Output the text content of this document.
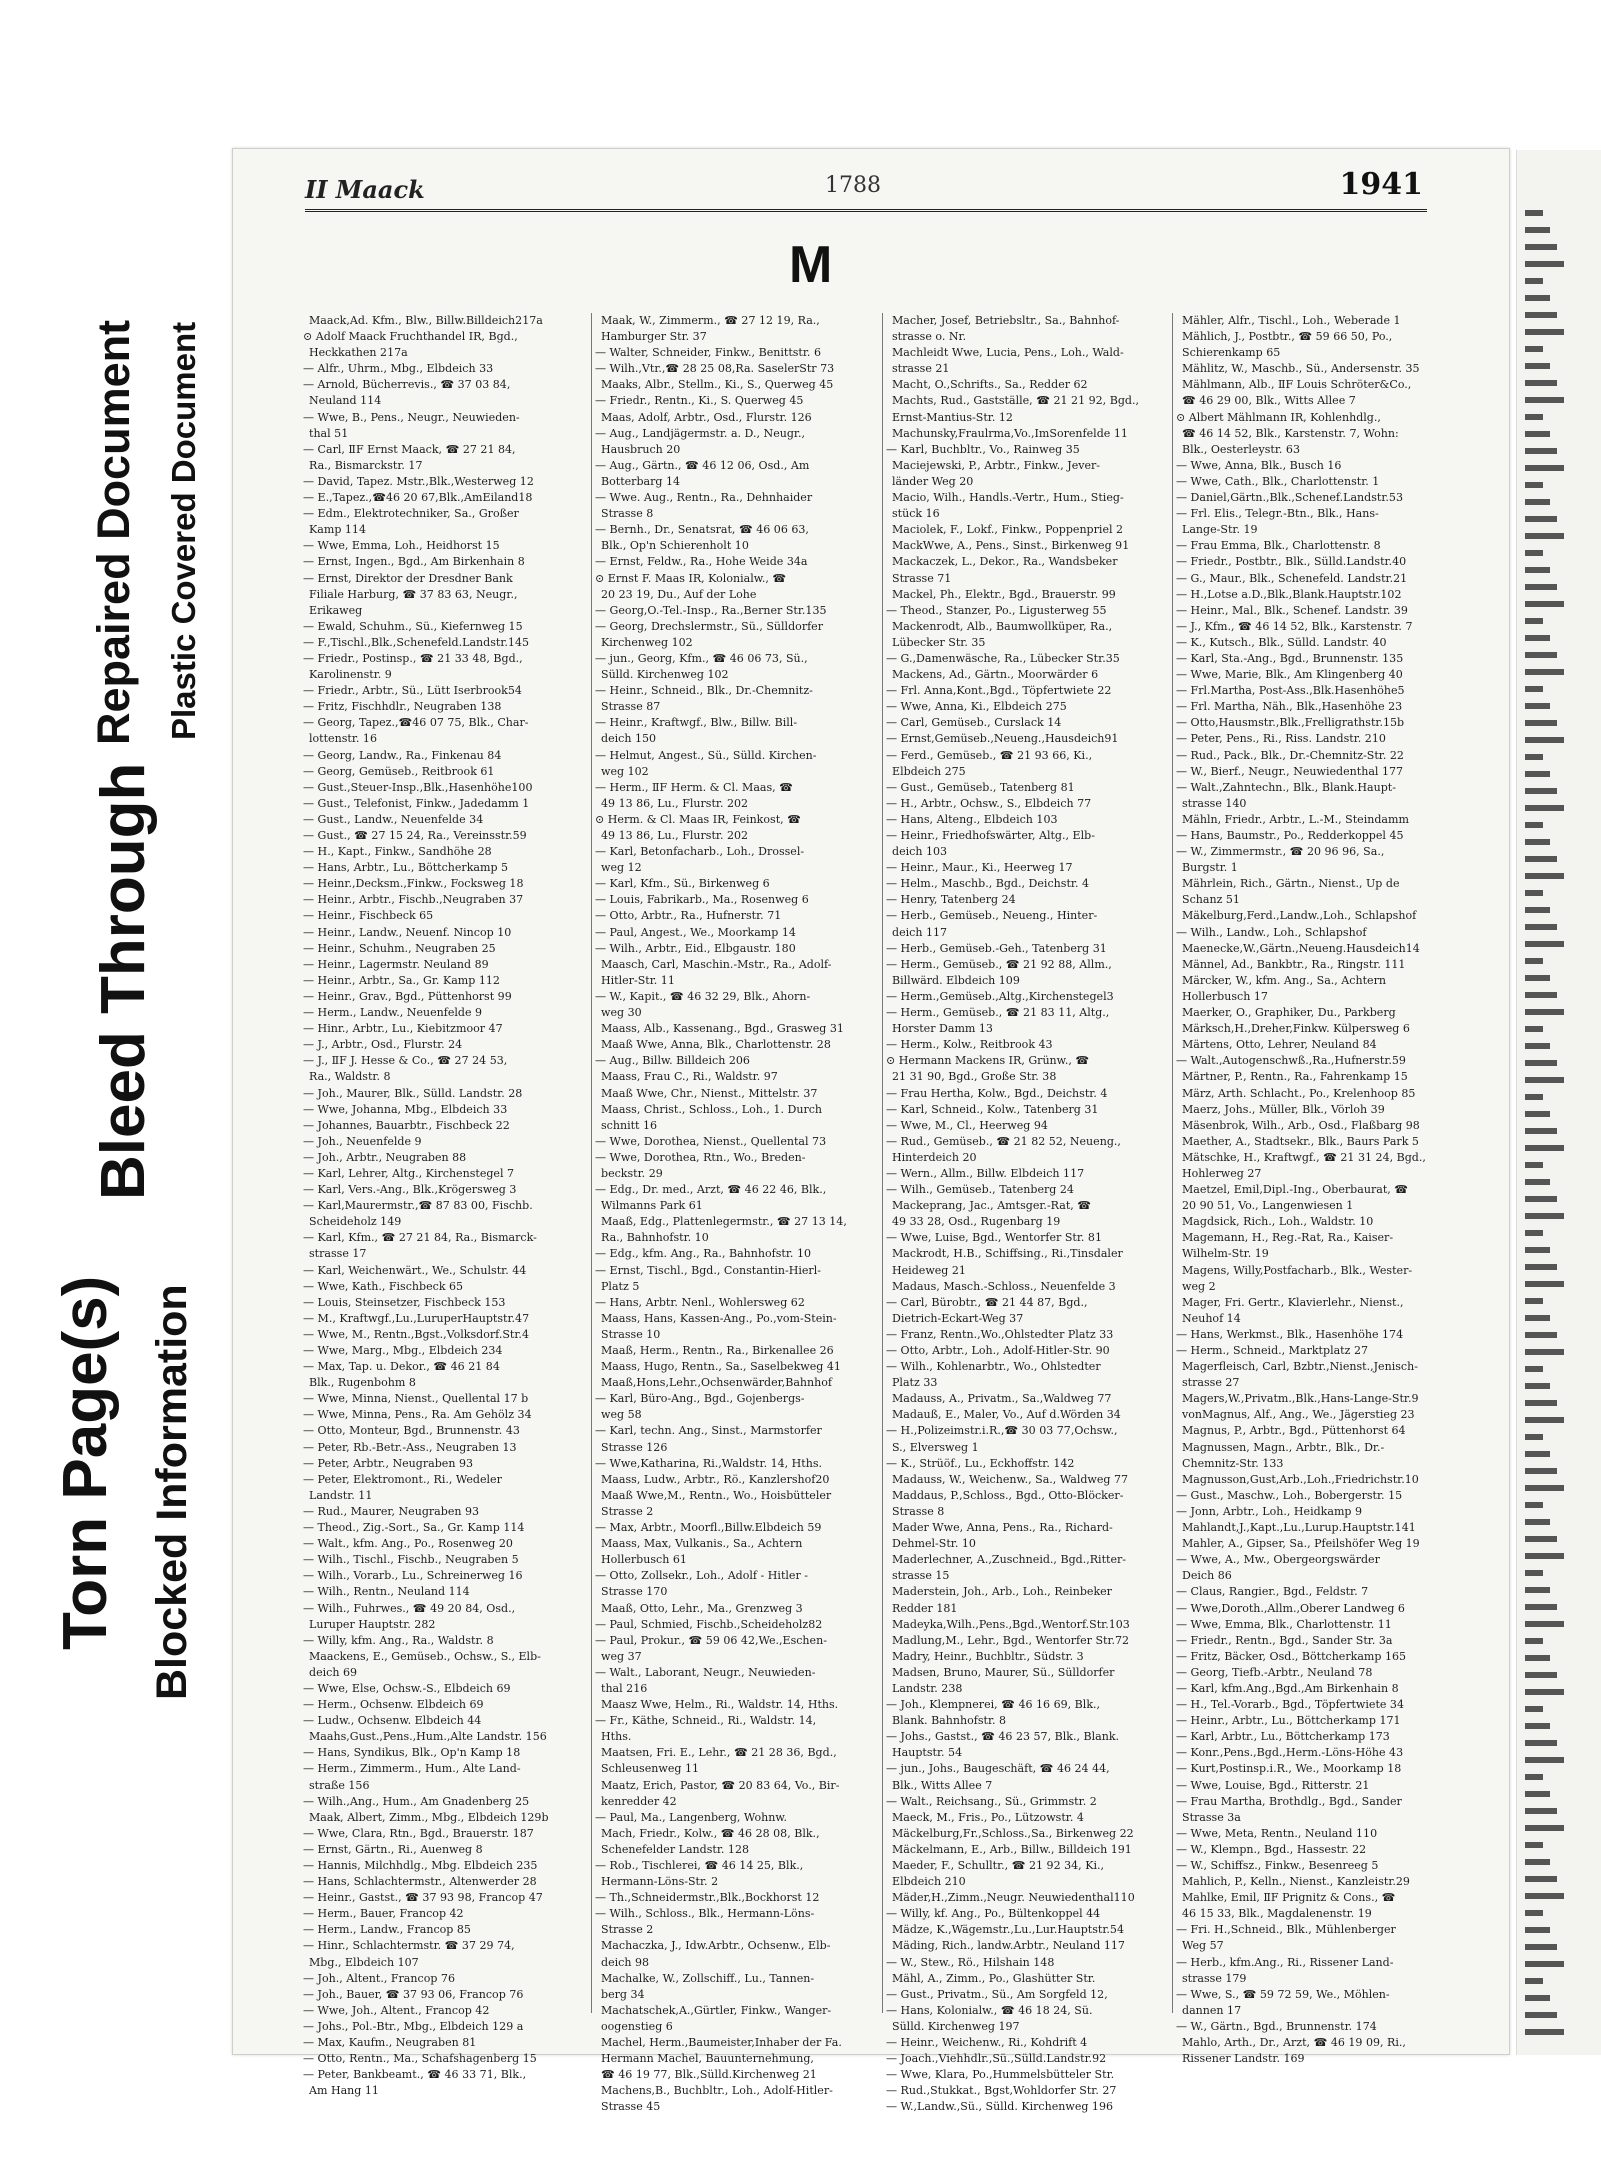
Bleed Through
Repaired Document
Torn Page(s) Blocked Information
Plastic Covered Document
II Maack	1788	1941
M
Maack,Ad. Kfm., Blw., Billw.Billdeich217a
⊙ Adolf Maack Fruchthandel IR, Bgd.,
Heckkathen 217a
— Alfr., Uhrm., Mbg., Elbdeich 33
— Arnold, Bücherrevis., ☎ 37 03 84,
Neuland 114
— Wwe, B., Pens., Neugr., Neuwieden-
thal 51
— Carl, ⅡF Ernst Maack, ☎ 27 21 84,
Ra., Bismarckstr. 17
— David, Tapez. Mstr.,Blk.,Westerweg 12
— E.,Tapez.,☎46 20 67,Blk.,AmEiland18
— Edm., Elektrotechniker, Sa., Großer
Kamp 114
— Wwe, Emma, Loh., Heidhorst 15
— Ernst, Ingen., Bgd., Am Birkenhain 8
— Ernst, Direktor der Dresdner Bank
Filiale Harburg, ☎ 37 83 63, Neugr.,
Erikaweg
— Ewald, Schuhm., Sü., Kiefernweg 15
— F.,Tischl.,Blk.,Schenefeld.Landstr.145
— Friedr., Postinsp., ☎ 21 33 48, Bgd.,
Karolinenstr. 9
— Friedr., Arbtr., Sü., Lütt Iserbrook54
— Fritz, Fischhdlr., Neugraben 138
— Georg, Tapez.,☎46 07 75, Blk., Char-
lottenstr. 16
— Georg, Landw., Ra., Finkenau 84
— Georg, Gemüseb., Reitbrook 61
— Gust.,Steuer-Insp.,Blk.,Hasenhöhe100
— Gust., Telefonist, Finkw., Jadedamm 1
— Gust., Landw., Neuenfelde 34
— Gust., ☎ 27 15 24, Ra., Vereinsstr.59
— H., Kapt., Finkw., Sandhöhe 28
— Hans, Arbtr., Lu., Böttcherkamp 5
— Heinr.,Decksm.,Finkw., Focksweg 18
— Heinr., Arbtr., Fischb.,Neugraben 37
— Heinr., Fischbeck 65
— Heinr., Landw., Neuenf. Nincop 10
— Heinr., Schuhm., Neugraben 25
— Heinr., Lagermstr. Neuland 89
— Heinr., Arbtr., Sa., Gr. Kamp 112
— Heinr., Grav., Bgd., Püttenhorst 99
— Herm., Landw., Neuenfelde 9
— Hinr., Arbtr., Lu., Kiebitzmoor 47
— J., Arbtr., Osd., Flurstr. 24
— J., ⅡF J. Hesse & Co., ☎ 27 24 53,
Ra., Waldstr. 8
— Joh., Maurer, Blk., Sülld. Landstr. 28
— Wwe, Johanna, Mbg., Elbdeich 33
— Johannes, Bauarbtr., Fischbeck 22
— Joh., Neuenfelde 9
— Joh., Arbtr., Neugraben 88
— Karl, Lehrer, Altg., Kirchenstegel 7
— Karl, Vers.-Ang., Blk.,Krögersweg 3
— Karl,Maurermstr.,☎ 87 83 00, Fischb.
Scheideholz 149
— Karl, Kfm., ☎ 27 21 84, Ra., Bismarck-
strasse 17
— Karl, Weichenwärt., We., Schulstr. 44
— Wwe, Kath., Fischbeck 65
— Louis, Steinsetzer, Fischbeck 153
— M., Kraftwgf.,Lu.,LuruperHauptstr.47
— Wwe, M., Rentn.,Bgst.,Volksdorf.Str.4
— Wwe, Marg., Mbg., Elbdeich 234
— Max, Tap. u. Dekor., ☎ 46 21 84
Blk., Rugenbohm 8
— Wwe, Minna, Nienst., Quellental 17 b
— Wwe, Minna, Pens., Ra. Am Gehölz 34
— Otto, Monteur, Bgd., Brunnenstr. 43
— Peter, Rb.-Betr.-Ass., Neugraben 13
— Peter, Arbtr., Neugraben 93
— Peter, Elektromont., Ri., Wedeler
Landstr. 11
— Rud., Maurer, Neugraben 93
— Theod., Zig.-Sort., Sa., Gr. Kamp 114
— Walt., kfm. Ang., Po., Rosenweg 20
— Wilh., Tischl., Fischb., Neugraben 5
— Wilh., Vorarb., Lu., Schreinerweg 16
— Wilh., Rentn., Neuland 114
— Wilh., Fuhrwes., ☎ 49 20 84, Osd.,
Luruper Hauptstr. 282
— Willy, kfm. Ang., Ra., Waldstr. 8
Maackens, E., Gemüseb., Ochsw., S., Elb-
deich 69
— Wwe, Else, Ochsw.-S., Elbdeich 69
— Herm., Ochsenw. Elbdeich 69
— Ludw., Ochsenw. Elbdeich 44
Maahs,Gust.,Pens.,Hum.,Alte Landstr. 156
— Hans, Syndikus, Blk., Op'n Kamp 18
— Herm., Zimmerm., Hum., Alte Land-
straße 156
— Wilh.,Ang., Hum., Am Gnadenberg 25
Maak, Albert, Zimm., Mbg., Elbdeich 129b
— Wwe, Clara, Rtn., Bgd., Brauerstr. 187
— Ernst, Gärtn., Ri., Auenweg 8
— Hannis, Milchhdlg., Mbg. Elbdeich 235
— Hans, Schlachtermstr., Altenwerder 28
— Heinr., Gastst., ☎ 37 93 98, Francop 47
— Herm., Bauer, Francop 42
— Herm., Landw., Francop 85
— Hinr., Schlachtermstr. ☎ 37 29 74,
Mbg., Elbdeich 107
— Joh., Altent., Francop 76
— Joh., Bauer, ☎ 37 93 06, Francop 76
— Wwe, Joh., Altent., Francop 42
— Johs., Pol.-Btr., Mbg., Elbdeich 129 a
— Max, Kaufm., Neugraben 81
— Otto, Rentn., Ma., Schafshagenberg 15
— Peter, Bankbeamt., ☎ 46 33 71, Blk.,
Am Hang 11
Maak, W., Zimmerm., ☎ 27 12 19, Ra.,
Hamburger Str. 37
— Walter, Schneider, Finkw., Benittstr. 6
— Wilh.,Vtr.,☎ 28 25 08,Ra. SaselerStr 73
Maaks, Albr., Stellm., Ki., S., Querweg 45
— Friedr., Rentn., Ki., S. Querweg 45
Maas, Adolf, Arbtr., Osd., Flurstr. 126
— Aug., Landjägermstr. a. D., Neugr.,
Hausbruch 20
— Aug., Gärtn., ☎ 46 12 06, Osd., Am
Botterbarg 14
— Wwe. Aug., Rentn., Ra., Dehnhaider
Strasse 8
— Bernh., Dr., Senatsrat, ☎ 46 06 63,
Blk., Op'n Schierenholt 10
— Ernst, Feldw., Ra., Hohe Weide 34a
⊙ Ernst F. Maas IR, Kolonialw., ☎
20 23 19, Du., Auf der Lohe
— Georg,O.-Tel.-Insp., Ra.,Berner Str.135
— Georg, Drechslermstr., Sü., Sülldorfer
Kirchenweg 102
— jun., Georg, Kfm., ☎ 46 06 73, Sü.,
Sülld. Kirchenweg 102
— Heinr., Schneid., Blk., Dr.-Chemnitz-
Strasse 87
— Heinr., Kraftwgf., Blw., Billw. Bill-
deich 150
— Helmut, Angest., Sü., Sülld. Kirchen-
weg 102
— Herm., ⅡF Herm. & Cl. Maas, ☎
49 13 86, Lu., Flurstr. 202
⊙ Herm. & Cl. Maas IR, Feinkost, ☎
49 13 86, Lu., Flurstr. 202
— Karl, Betonfacharb., Loh., Drossel-
weg 12
— Karl, Kfm., Sü., Birkenweg 6
— Louis, Fabrikarb., Ma., Rosenweg 6
— Otto, Arbtr., Ra., Hufnerstr. 71
— Paul, Angest., We., Moorkamp 14
— Wilh., Arbtr., Eid., Elbgaustr. 180
Maasch, Carl, Maschin.-Mstr., Ra., Adolf-
Hitler-Str. 11
— W., Kapit., ☎ 46 32 29, Blk., Ahorn-
weg 30
Maass, Alb., Kassenang., Bgd., Grasweg 31
Maaß Wwe, Anna, Blk., Charlottenstr. 28
— Aug., Billw. Billdeich 206
Maass, Frau C., Ri., Waldstr. 97
Maaß Wwe, Chr., Nienst., Mittelstr. 37
Maass, Christ., Schloss., Loh., 1. Durch
schnitt 16
— Wwe, Dorothea, Nienst., Quellental 73
— Wwe, Dorothea, Rtn., Wo., Breden-
beckstr. 29
— Edg., Dr. med., Arzt, ☎ 46 22 46, Blk.,
Wilmanns Park 61
Maaß, Edg., Plattenlegermstr., ☎ 27 13 14,
Ra., Bahnhofstr. 10
— Edg., kfm. Ang., Ra., Bahnhofstr. 10
— Ernst, Tischl., Bgd., Constantin-Hierl-
Platz 5
— Hans, Arbtr. Nenl., Wohlersweg 62
Maass, Hans, Kassen-Ang., Po.,vom-Stein-
Strasse 10
Maaß, Herm., Rentn., Ra., Birkenallee 26
Maass, Hugo, Rentn., Sa., Saselbekweg 41
Maaß,Hons,Lehr.,Ochsenwärder,Bahnhof
— Karl, Büro-Ang., Bgd., Gojenbergs-
weg 58
— Karl, techn. Ang., Sinst., Marmstorfer
Strasse 126
— Wwe,Katharina, Ri.,Waldstr. 14, Hths.
Maass, Ludw., Arbtr., Rö., Kanzlershof20
Maaß Wwe,M., Rentn., Wo., Hoisbütteler
Strasse 2
— Max, Arbtr., Moorfl.,Billw.Elbdeich 59
Maass, Max, Vulkanis., Sa., Achtern
Hollerbusch 61
— Otto, Zollsekr., Loh., Adolf - Hitler -
Strasse 170
Maaß, Otto, Lehr., Ma., Grenzweg 3
— Paul, Schmied, Fischb.,Scheideholz82
— Paul, Prokur., ☎ 59 06 42,We.,Eschen-
weg 37
— Walt., Laborant, Neugr., Neuwieden-
thal 216
Maasz Wwe, Helm., Ri., Waldstr. 14, Hths.
— Fr., Käthe, Schneid., Ri., Waldstr. 14,
Hths.
Maatsen, Fri. E., Lehr., ☎ 21 28 36, Bgd.,
Schleusenweg 11
Maatz, Erich, Pastor, ☎ 20 83 64, Vo., Bir-
kenredder 42
— Paul, Ma., Langenberg, Wohnw.
Mach, Friedr., Kolw., ☎ 46 28 08, Blk.,
Schenefelder Landstr. 128
— Rob., Tischlerei, ☎ 46 14 25, Blk.,
Hermann-Löns-Str. 2
— Th.,Schneidermstr.,Blk.,Bockhorst 12
— Wilh., Schloss., Blk., Hermann-Löns-
Strasse 2
Machaczka, J., Idw.Arbtr., Ochsenw., Elb-
deich 98
Machalke, W., Zollschiff., Lu., Tannen-
berg 34
Machatschek,A.,Gürtler, Finkw., Wanger-
oogenstieg 6
Machel, Herm.,Baumeister,Inhaber der Fa.
Hermann Machel, Bauunternehmung,
☎ 46 19 77, Blk.,Sülld.Kirchenweg 21
Machens,B., Buchbltr., Loh., Adolf-Hitler-
Strasse 45
Macher, Josef, Betriebsltr., Sa., Bahnhof-
strasse o. Nr.
Machleidt Wwe, Lucia, Pens., Loh., Wald-
strasse 21
Macht, O.,Schrifts., Sa., Redder 62
Machts, Rud., Gastställe, ☎ 21 21 92, Bgd.,
Ernst-Mantius-Str. 12
Machunsky,Fraulrma,Vo.,ImSorenfelde 11
— Karl, Buchbltr., Vo., Rainweg 35
Maciejewski, P., Arbtr., Finkw., Jever-
länder Weg 20
Macio, Wilh., Handls.-Vertr., Hum., Stieg-
stück 16
Maciolek, F., Lokf., Finkw., Poppenpriel 2
MackWwe, A., Pens., Sinst., Birkenweg 91
Mackaczek, L., Dekor., Ra., Wandsbeker
Strasse 71
Mackel, Ph., Elektr., Bgd., Brauerstr. 99
— Theod., Stanzer, Po., Ligusterweg 55
Mackenrodt, Alb., Baumwollküper, Ra.,
Lübecker Str. 35
— G.,Damenwäsche, Ra., Lübecker Str.35
Mackens, Ad., Gärtn., Moorwärder 6
— Frl. Anna,Kont.,Bgd., Töpfertwiete 22
— Wwe, Anna, Ki., Elbdeich 275
— Carl, Gemüseb., Curslack 14
— Ernst,Gemüseb.,Neueng.,Hausdeich91
— Ferd., Gemüseb., ☎ 21 93 66, Ki.,
Elbdeich 275
— Gust., Gemüseb., Tatenberg 81
— H., Arbtr., Ochsw., S., Elbdeich 77
— Hans, Alteng., Elbdeich 103
— Heinr., Friedhofswärter, Altg., Elb-
deich 103
— Heinr., Maur., Ki., Heerweg 17
— Helm., Maschb., Bgd., Deichstr. 4
— Henry, Tatenberg 24
— Herb., Gemüseb., Neueng., Hinter-
deich 117
— Herb., Gemüseb.-Geh., Tatenberg 31
— Herm., Gemüseb., ☎ 21 92 88, Allm.,
Billwärd. Elbdeich 109
— Herm.,Gemüseb.,Altg.,Kirchenstegel3
— Herm., Gemüseb., ☎ 21 83 11, Altg.,
Horster Damm 13
— Herm., Kolw., Reitbrook 43
⊙ Hermann Mackens IR, Grünw., ☎
21 31 90, Bgd., Große Str. 38
— Frau Hertha, Kolw., Bgd., Deichstr. 4
— Karl, Schneid., Kolw., Tatenberg 31
— Wwe, M., Cl., Heerweg 94
— Rud., Gemüseb., ☎ 21 82 52, Neueng.,
Hinterdeich 20
— Wern., Allm., Billw. Elbdeich 117
— Wilh., Gemüseb., Tatenberg 24
Mackeprang, Jac., Amtsger.-Rat, ☎
49 33 28, Osd., Rugenbarg 19
— Wwe, Luise, Bgd., Wentorfer Str. 81
Mackrodt, H.B., Schiffsing., Ri.,Tinsdaler
Heideweg 21
Madaus, Masch.-Schloss., Neuenfelde 3
— Carl, Bürobtr., ☎ 21 44 87, Bgd.,
Dietrich-Eckart-Weg 37
— Franz, Rentn.,Wo.,Ohlstedter Platz 33
— Otto, Arbtr., Loh., Adolf-Hitler-Str. 90
— Wilh., Kohlenarbtr., Wo., Ohlstedter
Platz 33
Madauss, A., Privatm., Sa.,Waldweg 77
Madauß, E., Maler, Vo., Auf d.Wörden 34
— H.,Polizeimstr.i.R.,☎ 30 03 77,Ochsw.,
S., Elversweg 1
— K., Strüöf., Lu., Eckhoffstr. 142
Madauss, W., Weichenw., Sa., Waldweg 77
Maddaus, P.,Schloss., Bgd., Otto-Blöcker-
Strasse 8
Mader Wwe, Anna, Pens., Ra., Richard-
Dehmel-Str. 10
Maderlechner, A.,Zuschneid., Bgd.,Ritter-
strasse 15
Maderstein, Joh., Arb., Loh., Reinbeker
Redder 181
Madeyka,Wilh.,Pens.,Bgd.,Wentorf.Str.103
Madlung,M., Lehr., Bgd., Wentorfer Str.72
Madry, Heinr., Buchbltr., Südstr. 3
Madsen, Bruno, Maurer, Sü., Sülldorfer
Landstr. 238
— Joh., Klempnerei, ☎ 46 16 69, Blk.,
Blank. Bahnhofstr. 8
— Johs., Gastst., ☎ 46 23 57, Blk., Blank.
Hauptstr. 54
— jun., Johs., Baugeschäft, ☎ 46 24 44,
Blk., Witts Allee 7
— Walt., Reichsang., Sü., Grimmstr. 2
Maeck, M., Fris., Po., Lützowstr. 4
Mäckelburg,Fr.,Schloss.,Sa., Birkenweg 22
Mäckelmann, E., Arb., Billw., Billdeich 191
Maeder, F., Schulltr., ☎ 21 92 34, Ki.,
Elbdeich 210
Mäder,H.,Zimm.,Neugr. Neuwiedenthal110
— Willy, kf. Ang., Po., Bültenkoppel 44
Mädze, K.,Wägemstr.,Lu.,Lur.Hauptstr.54
Mäding, Rich., landw.Arbtr., Neuland 117
— W., Stew., Rö., Hilshain 148
Mähl, A., Zimm., Po., Glashütter Str.
— Gust., Privatm., Sü., Am Sorgfeld 12,
— Hans, Kolonialw., ☎ 46 18 24, Sü.
Sülld. Kirchenweg 197
— Heinr., Weichenw., Ri., Kohdrift 4
— Joach.,Viehhdlr.,Sü.,Sülld.Landstr.92
— Wwe, Klara, Po.,Hummelsbütteler Str.
— Rud.,Stukkat., Bgst,Wohldorfer Str. 27
— W.,Landw.,Sü., Sülld. Kirchenweg 196
Mähler, Alfr., Tischl., Loh., Weberade 1
Mählich, J., Postbtr., ☎ 59 66 50, Po.,
Schierenkamp 65
Mählitz, W., Maschb., Sü., Andersenstr. 35
Mählmann, Alb., ⅡF Louis Schröter&Co.,
☎ 46 29 00, Blk., Witts Allee 7
⊙ Albert Mählmann IR, Kohlenhdlg.,
☎ 46 14 52, Blk., Karstenstr. 7, Wohn:
Blk., Oesterleystr. 63
— Wwe, Anna, Blk., Busch 16
— Wwe, Cath., Blk., Charlottenstr. 1
— Daniel,Gärtn.,Blk.,Schenef.Landstr.53
— Frl. Elis., Telegr.-Btn., Blk., Hans-
Lange-Str. 19
— Frau Emma, Blk., Charlottenstr. 8
— Friedr., Postbtr., Blk., Sülld.Landstr.40
— G., Maur., Blk., Schenefeld. Landstr.21
— H.,Lotse a.D.,Blk.,Blank.Hauptstr.102
— Heinr., Mal., Blk., Schenef. Landstr. 39
— J., Kfm., ☎ 46 14 52, Blk., Karstenstr. 7
— K., Kutsch., Blk., Sülld. Landstr. 40
— Karl, Sta.-Ang., Bgd., Brunnenstr. 135
— Wwe, Marie, Blk., Am Klingenberg 40
— Frl.Martha, Post-Ass.,Blk.Hasenhöhe5
— Frl. Martha, Näh., Blk.,Hasenhöhe 23
— Otto,Hausmstr.,Blk.,Frelligrathstr.15b
— Peter, Pens., Ri., Riss. Landstr. 210
— Rud., Pack., Blk., Dr.-Chemnitz-Str. 22
— W., Bierf., Neugr., Neuwiedenthal 177
— Walt.,Zahntechn., Blk., Blank.Haupt-
strasse 140
Mähln, Friedr., Arbtr., L.-M., Steindamm
— Hans, Baumstr., Po., Redderkoppel 45
— W., Zimmermstr., ☎ 20 96 96, Sa.,
Burgstr. 1
Mährlein, Rich., Gärtn., Nienst., Up de
Schanz 51
Mäkelburg,Ferd.,Landw.,Loh., Schlapshof
— Wilh., Landw., Loh., Schlapshof
Maenecke,W.,Gärtn.,Neueng.Hausdeich14
Männel, Ad., Bankbtr., Ra., Ringstr. 111
Märcker, W., kfm. Ang., Sa., Achtern
Hollerbusch 17
Maerker, O., Graphiker, Du., Parkberg
Märksch,H.,Dreher,Finkw. Külpersweg 6
Märtens, Otto, Lehrer, Neuland 84
— Walt.,Autogenschwß.,Ra.,Hufnerstr.59
Märtner, P., Rentn., Ra., Fahrenkamp 15
März, Arth. Schlacht., Po., Krelenhoop 85
Maerz, Johs., Müller, Blk., Vörloh 39
Mäsenbrok, Wilh., Arb., Osd., Flaßbarg 98
Maether, A., Stadtsekr., Blk., Baurs Park 5
Mätschke, H., Kraftwgf., ☎ 21 31 24, Bgd.,
Hohlerweg 27
Maetzel, Emil,Dipl.-Ing., Oberbaurat, ☎
20 90 51, Vo., Langenwiesen 1
Magdsick, Rich., Loh., Waldstr. 10
Magemann, H., Reg.-Rat, Ra., Kaiser-
Wilhelm-Str. 19
Magens, Willy,Postfacharb., Blk., Wester-
weg 2
Mager, Fri. Gertr., Klavierlehr., Nienst.,
Neuhof 14
— Hans, Werkmst., Blk., Hasenhöhe 174
— Herm., Schneid., Marktplatz 27
Magerfleisch, Carl, Bzbtr.,Nienst.,Jenisch-
strasse 27
Magers,W.,Privatm.,Blk.,Hans-Lange-Str.9
vonMagnus, Alf., Ang., We., Jägerstieg 23
Magnus, P., Arbtr., Bgd., Püttenhorst 64
Magnussen, Magn., Arbtr., Blk., Dr.-
Chemnitz-Str. 133
Magnusson,Gust,Arb.,Loh.,Friedrichstr.10
— Gust., Maschw., Loh., Bobergerstr. 15
— Jonn, Arbtr., Loh., Heidkamp 9
Mahlandt,J.,Kapt.,Lu.,Lurup.Hauptstr.141
Mahler, A., Gipser, Sa., Pfeilshöfer Weg 19
— Wwe, A., Mw., Obergeorgswärder
Deich 86
— Claus, Rangier., Bgd., Feldstr. 7
— Wwe,Doroth.,Allm.,Oberer Landweg 6
— Wwe, Emma, Blk., Charlottenstr. 11
— Friedr., Rentn., Bgd., Sander Str. 3a
— Fritz, Bäcker, Osd., Böttcherkamp 165
— Georg, Tiefb.-Arbtr., Neuland 78
— Karl, kfm.Ang.,Bgd.,Am Birkenhain 8
— H., Tel.-Vorarb., Bgd., Töpfertwiete 34
— Heinr., Arbtr., Lu., Böttcherkamp 171
— Karl, Arbtr., Lu., Böttcherkamp 173
— Konr.,Pens.,Bgd.,Herm.-Löns-Höhe 43
— Kurt,Postinsp.i.R., We., Moorkamp 18
— Wwe, Louise, Bgd., Ritterstr. 21
— Frau Martha, Brothdlg., Bgd., Sander
Strasse 3a
— Wwe, Meta, Rentn., Neuland 110
— W., Klempn., Bgd., Hassestr. 22
— W., Schiffsz., Finkw., Besenreeg 5
Mahlich, P., Kelln., Nienst., Kanzleistr.29
Mahlke, Emil, ⅡF Prignitz & Cons., ☎
46 15 33, Blk., Magdalenenstr. 19
— Fri. H.,Schneid., Blk., Mühlenberger
Weg 57
— Herb., kfm.Ang., Ri., Rissener Land-
strasse 179
— Wwe, S., ☎ 59 72 59, We., Möhlen-
dannen 17
— W., Gärtn., Bgd., Brunnenstr. 174
Mahlo, Arth., Dr., Arzt, ☎ 46 19 09, Ri.,
Rissener Landstr. 169
